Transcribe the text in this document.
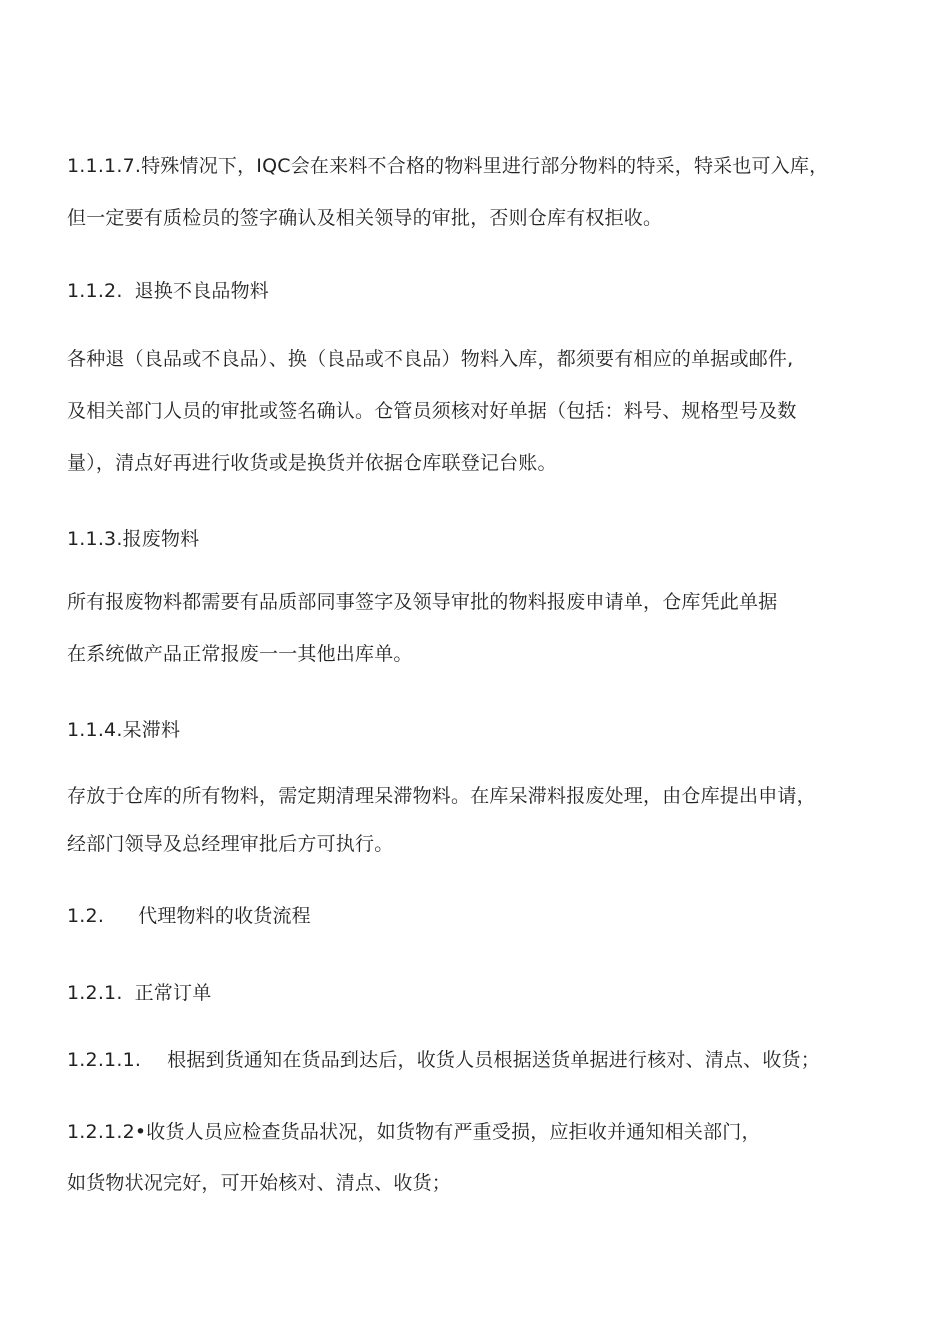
1.1.1.7.特殊情况下，IQC会在来料不合格的物料里进行部分物料的特采，特采也可入库，
但一定要有质检员的签字确认及相关领导的审批，否则仓库有权拒收。
1.1.2. 退换不良品物料
各种退（良品或不良品）、换（良品或不良品）物料入库，都须要有相应的单据或邮件,
及相关部门人员的审批或签名确认。仓管员须核对好单据（包括：料号、规格型号及数
量），清点好再进行收货或是换货并依据仓库联登记台账。
1.1.3.报废物料
所有报废物料都需要有品质部同事签字及领导审批的物料报废申请单，仓库凭此单据
在系统做产品正常报废一一其他出库单。
1.1.4.呆滞料
存放于仓库的所有物料，需定期清理呆滞物料。在库呆滞料报废处理，由仓库提出申请，
经部门领导及总经理审批后方可执行。
1.2. 代理物料的收货流程
1.2.1. 正常订单
1.2.1.1. 根据到货通知在货品到达后，收货人员根据送货单据进行核对、清点、收货；
1.2.1.2•收货人员应检查货品状况，如货物有严重受损，应拒收并通知相关部门，
如货物状况完好，可开始核对、清点、收货；
